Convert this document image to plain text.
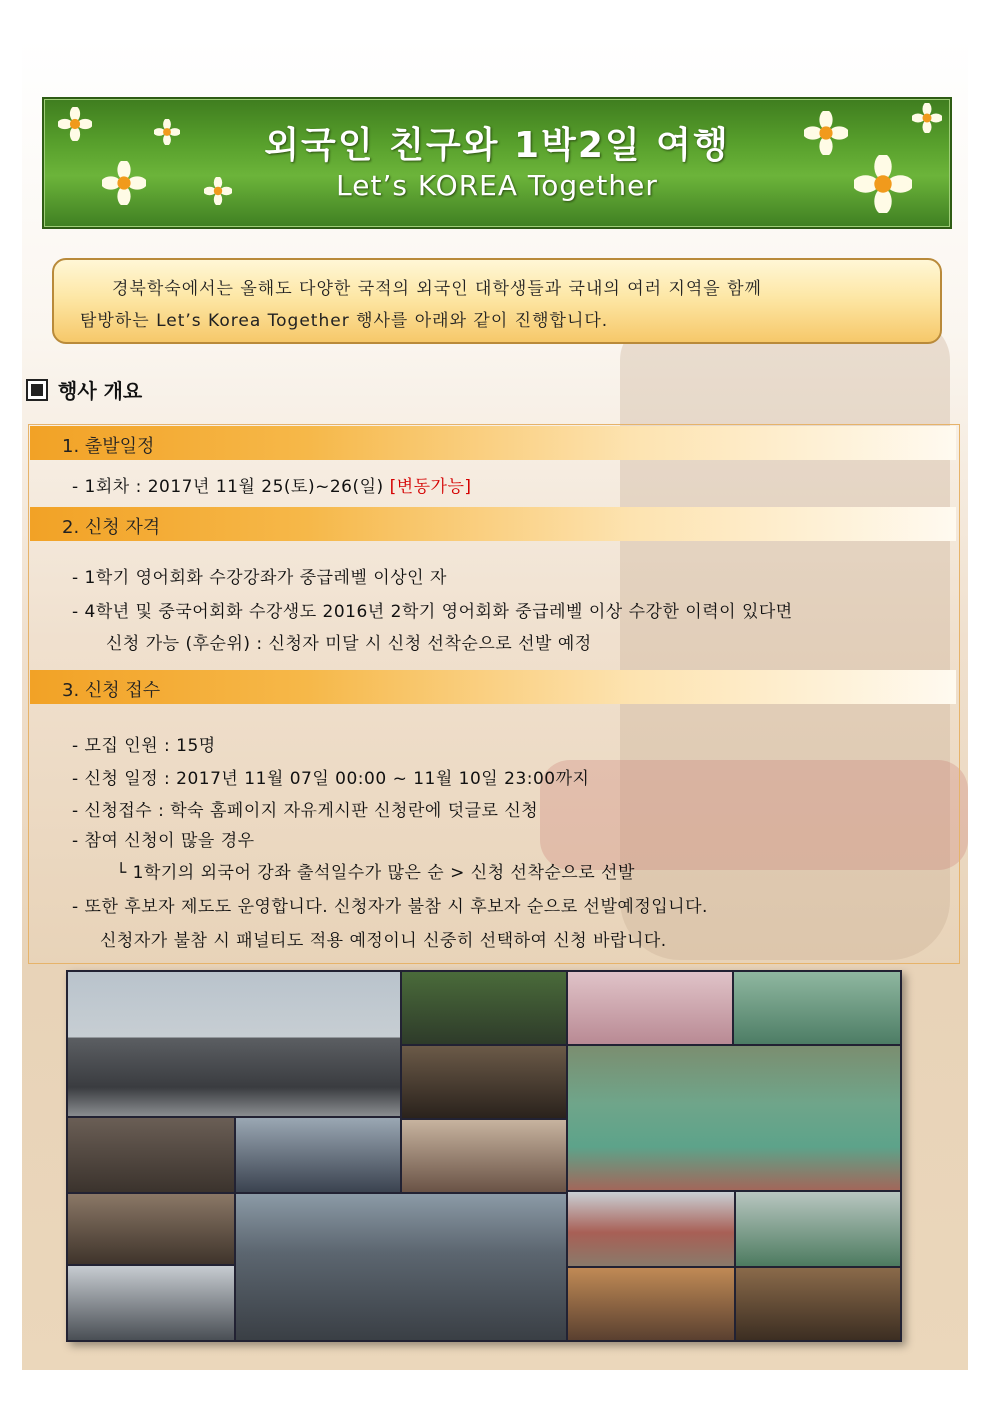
외국인 친구와 1박2일 여행
Let’s KOREA Together

경북학숙에서는 올해도 다양한 국적의 외국인 대학생들과 국내의 여러 지역을 함께

탐방하는 Let’s Korea Together 행사를 아래와 같이 진행합니다.

행사 개요
1. 출발일정
- 1회차 : 2017년 11월 25(토)~26(일) [변동가능]
2. 신청 자격
- 1학기 영어회화 수강강좌가 중급레벨 이상인 자
- 4학년 및 중국어회화 수강생도 2016년 2학기 영어회화 중급레벨 이상 수강한 이력이 있다면
신청 가능 (후순위) : 신청자 미달 시 신청 선착순으로 선발 예정
3. 신청 접수
- 모집 인원 : 15명
- 신청 일정 : 2017년 11월 07일 00:00 ~ 11월 10일 23:00까지
- 신청접수 : 학숙 홈페이지 자유게시판 신청란에 덧글로 신청
- 참여 신청이 많을 경우
└ 1학기의 외국어 강좌 출석일수가 많은 순 > 신청 선착순으로 선발
- 또한 후보자 제도도 운영합니다. 신청자가 불참 시 후보자 순으로 선발예정입니다.
신청자가 불참 시 패널티도 적용 예정이니 신중히 선택하여 신청 바랍니다.
